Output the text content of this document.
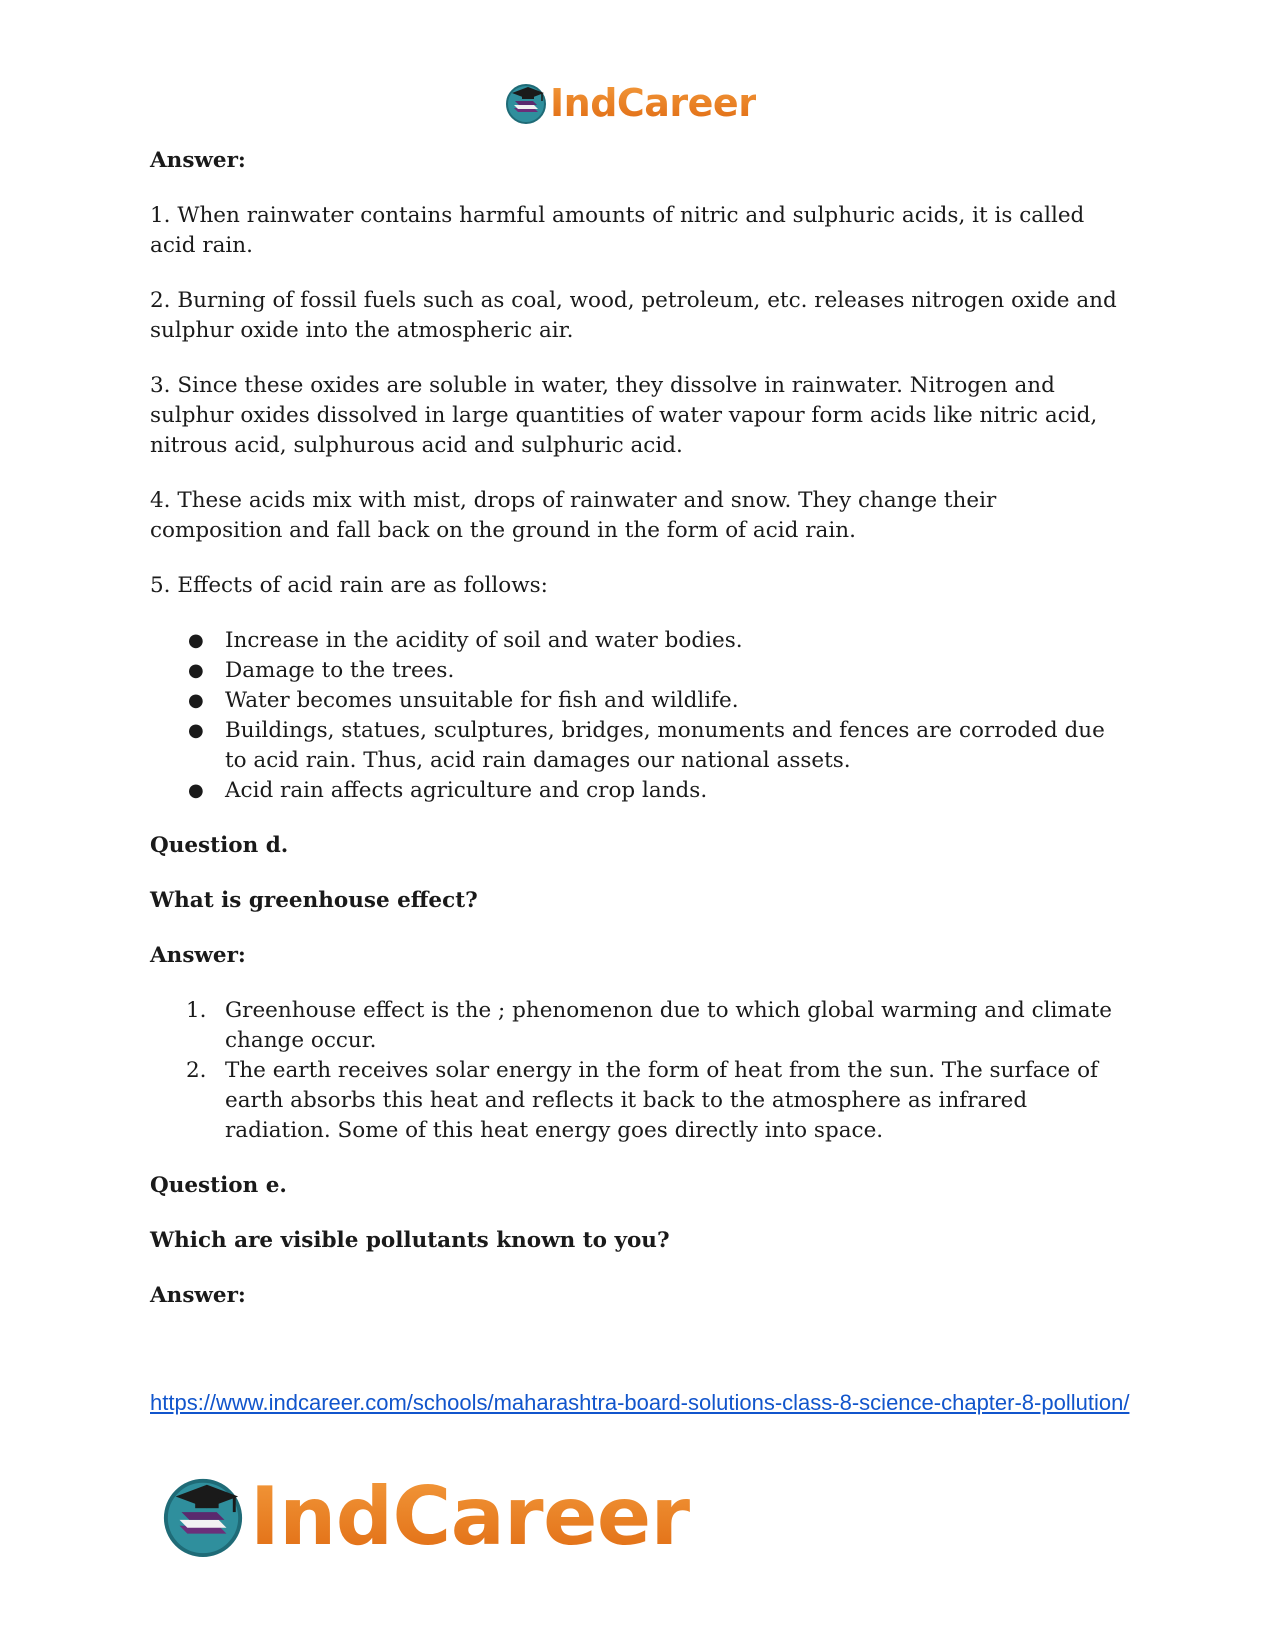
IndCareer

Answer:

1. When rainwater contains harmful amounts of nitric and sulphuric acids, it is called acid rain.

2. Burning of fossil fuels such as coal, wood, petroleum, etc. releases nitrogen oxide and sulphur oxide into the atmospheric air.

3. Since these oxides are soluble in water, they dissolve in rainwater. Nitrogen and sulphur oxides dissolved in large quantities of water vapour form acids like nitric acid, nitrous acid, sulphurous acid and sulphuric acid.

4. These acids mix with mist, drops of rainwater and snow. They change their composition and fall back on the ground in the form of acid rain.

5. Effects of acid rain are as follows:

● Increase in the acidity of soil and water bodies.
● Damage to the trees.
● Water becomes unsuitable for fish and wildlife.
● Buildings, statues, sculptures, bridges, monuments and fences are corroded due to acid rain. Thus, acid rain damages our national assets.
● Acid rain affects agriculture and crop lands.

Question d.

What is greenhouse effect?

Answer:

1. Greenhouse effect is the ; phenomenon due to which global warming and climate change occur.
2. The earth receives solar energy in the form of heat from the sun. The surface of earth absorbs this heat and reflects it back to the atmosphere as infrared radiation. Some of this heat energy goes directly into space.

Question e.

Which are visible pollutants known to you?

Answer:

https://www.indcareer.com/schools/maharashtra-board-solutions-class-8-science-chapter-8-pollution/
IndCareer
